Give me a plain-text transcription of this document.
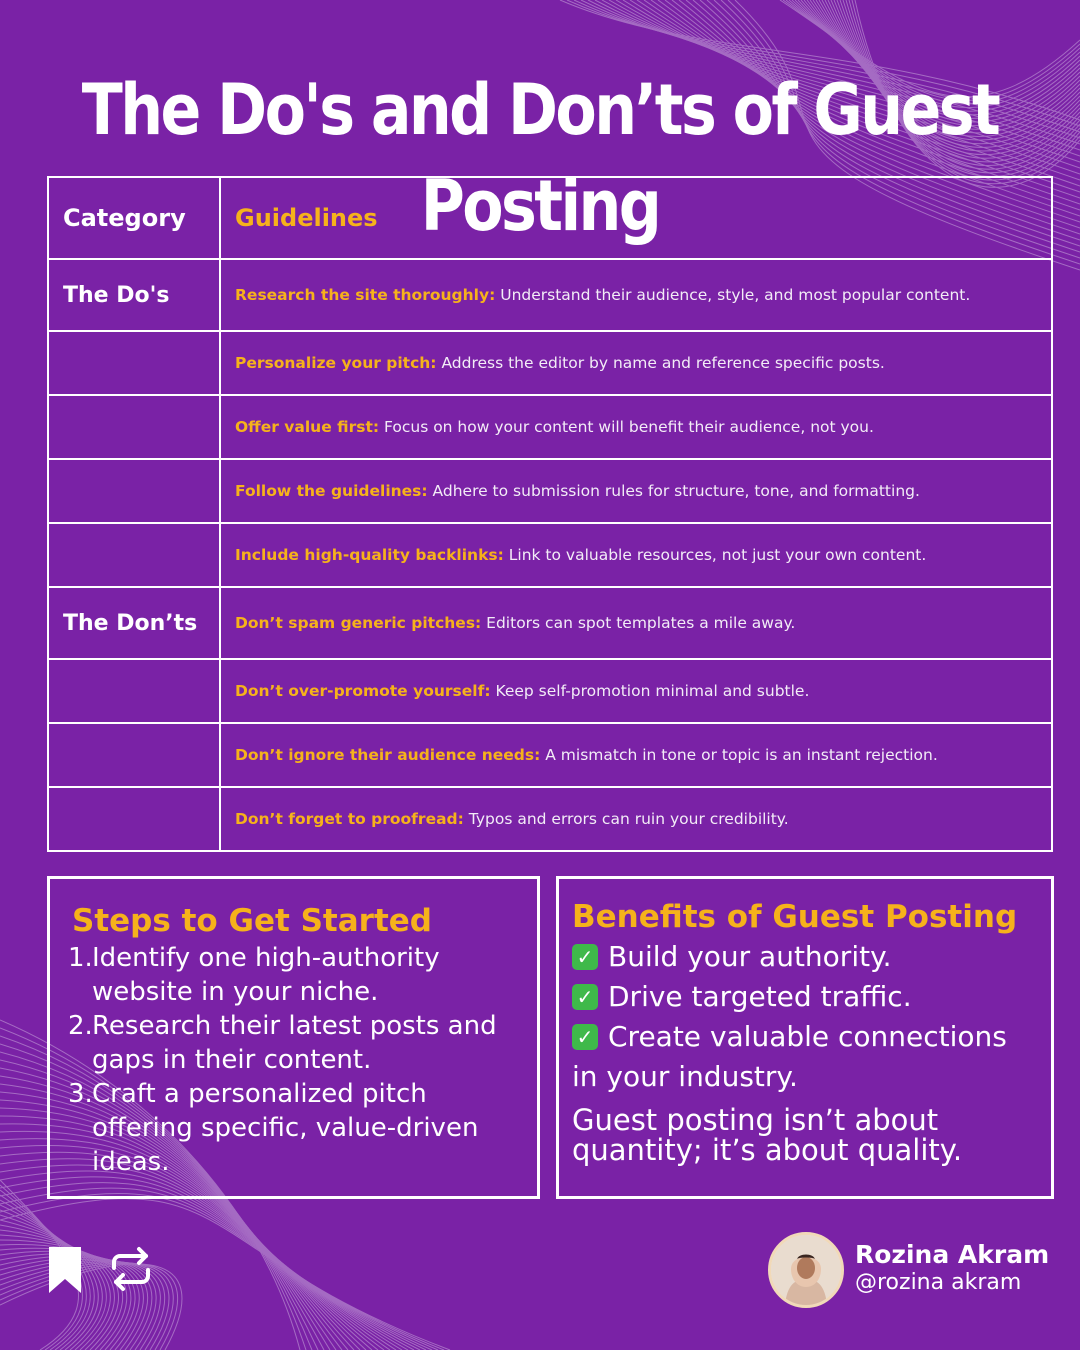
The Do's and Don’ts of Guest Posting
Category	Guidelines
The Do's	Research the site thoroughly: Understand their audience, style, and most popular content.
	Personalize your pitch: Address the editor by name and reference specific posts.
	Offer value first: Focus on how your content will benefit their audience, not you.
	Follow the guidelines: Adhere to submission rules for structure, tone, and formatting.
	Include high-quality backlinks: Link to valuable resources, not just your own content.
The Don’ts	Don’t spam generic pitches: Editors can spot templates a mile away.
	Don’t over-promote yourself: Keep self-promotion minimal and subtle.
	Don’t ignore their audience needs: A mismatch in tone or topic is an instant rejection.
	Don’t forget to proofread: Typos and errors can ruin your credibility.
Steps to Get Started
1. Identify one high-authority website in your niche.
2. Research their latest posts and gaps in their content.
3. Craft a personalized pitch offering specific, value-driven ideas.
Benefits of Guest Posting
✓ Build your authority.
✓ Drive targeted traffic.
✓ Create valuable connections
in your industry.
Guest posting isn’t about quantity; it’s about quality.
Rozina Akram
@rozina akram
